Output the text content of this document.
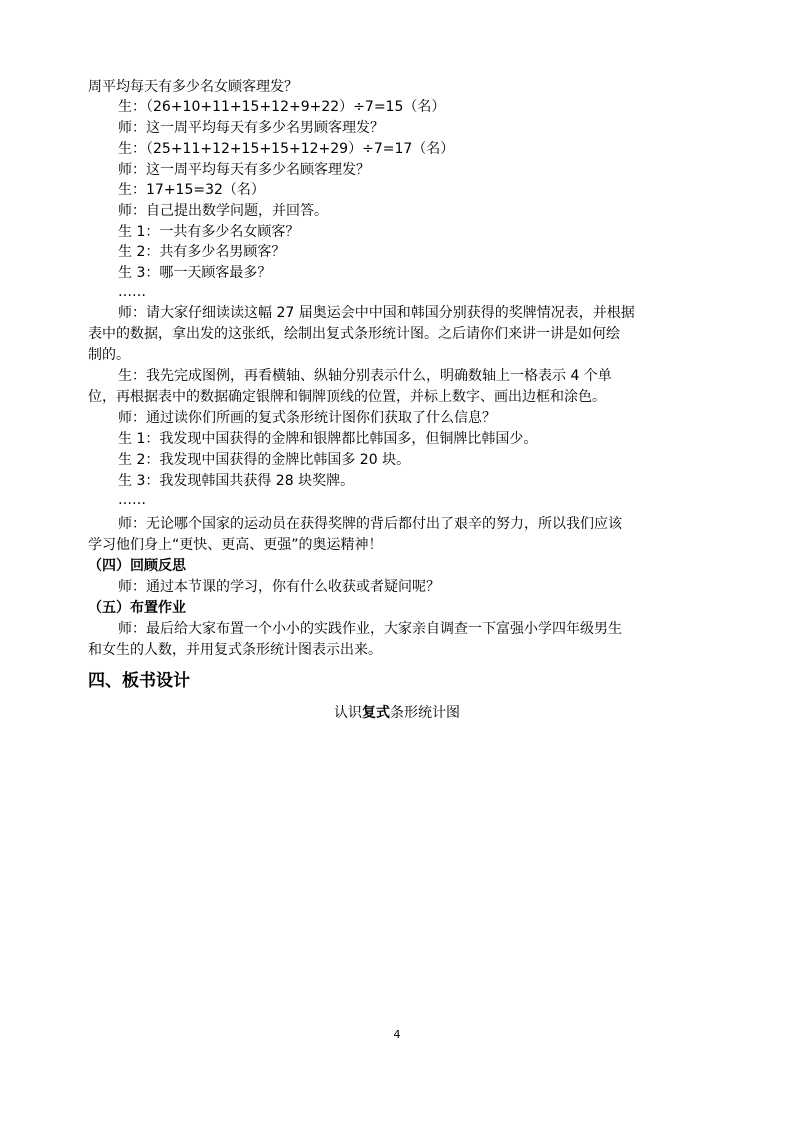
周平均每天有多少名女顾客理发？
生：（26+10+11+15+12+9+22）÷7=15（名）
师：这一周平均每天有多少名男顾客理发？
生：（25+11+12+15+15+12+29）÷7=17（名）
师：这一周平均每天有多少名顾客理发？
生：17+15=32（名）
师：自己提出数学问题，并回答。
生 1：一共有多少名女顾客？
生 2：共有多少名男顾客？
生 3：哪一天顾客最多？
……
师：请大家仔细读读这幅 27 届奥运会中中国和韩国分别获得的奖牌情况表，并根据
表中的数据，拿出发的这张纸，绘制出复式条形统计图。之后请你们来讲一讲是如何绘
制的。
生：我先完成图例，再看横轴、纵轴分别表示什么，明确数轴上一格表示 4 个单
位，再根据表中的数据确定银牌和铜牌顶线的位置，并标上数字、画出边框和涂色。
师：通过读你们所画的复式条形统计图你们获取了什么信息？
生 1：我发现中国获得的金牌和银牌都比韩国多，但铜牌比韩国少。
生 2：我发现中国获得的金牌比韩国多 20 块。
生 3：我发现韩国共获得 28 块奖牌。
……
师：无论哪个国家的运动员在获得奖牌的背后都付出了艰辛的努力，所以我们应该
学习他们身上“更快、更高、更强”的奥运精神！
（四）回顾反思
师：通过本节课的学习，你有什么收获或者疑问呢？
（五）布置作业
师：最后给大家布置一个小小的实践作业，大家亲自调查一下富强小学四年级男生
和女生的人数，并用复式条形统计图表示出来。
四、板书设计
认识复式条形统计图
4
